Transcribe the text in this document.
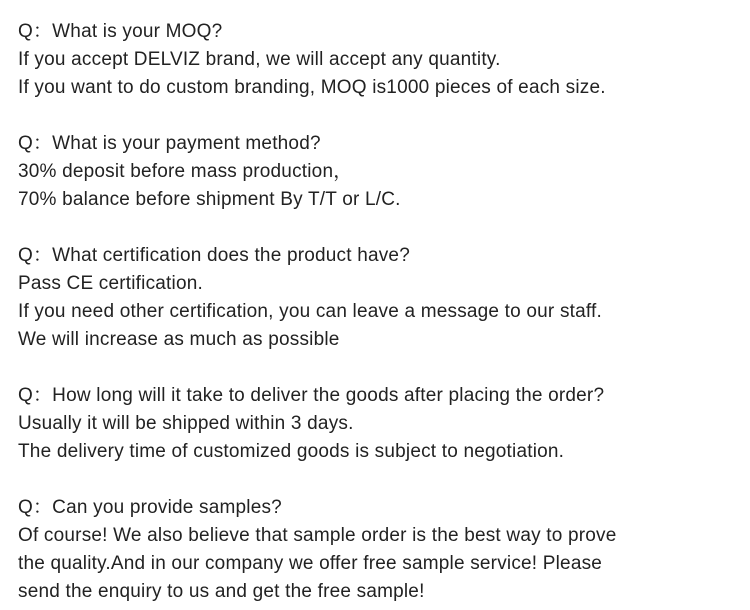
Q：What is your MOQ?
If you accept DELVIZ brand, we will accept any quantity.
If you want to do custom branding, MOQ is1000 pieces of each size.
Q：What is your payment method?
30% deposit before mass production，
70% balance before shipment By T/T or L/C.
Q：What certification does the product have?
Pass CE certification.
If you need other certification, you can leave a message to our staff.
We will increase as much as possible
Q：How long will it take to deliver the goods after placing the order?
Usually it will be shipped within 3 days.
The delivery time of customized goods is subject to negotiation.
Q：Can you provide samples?
Of course! We also believe that sample order is the best way to prove
the quality.And in our company we offer free sample service! Please
send the enquiry to us and get the free sample!
